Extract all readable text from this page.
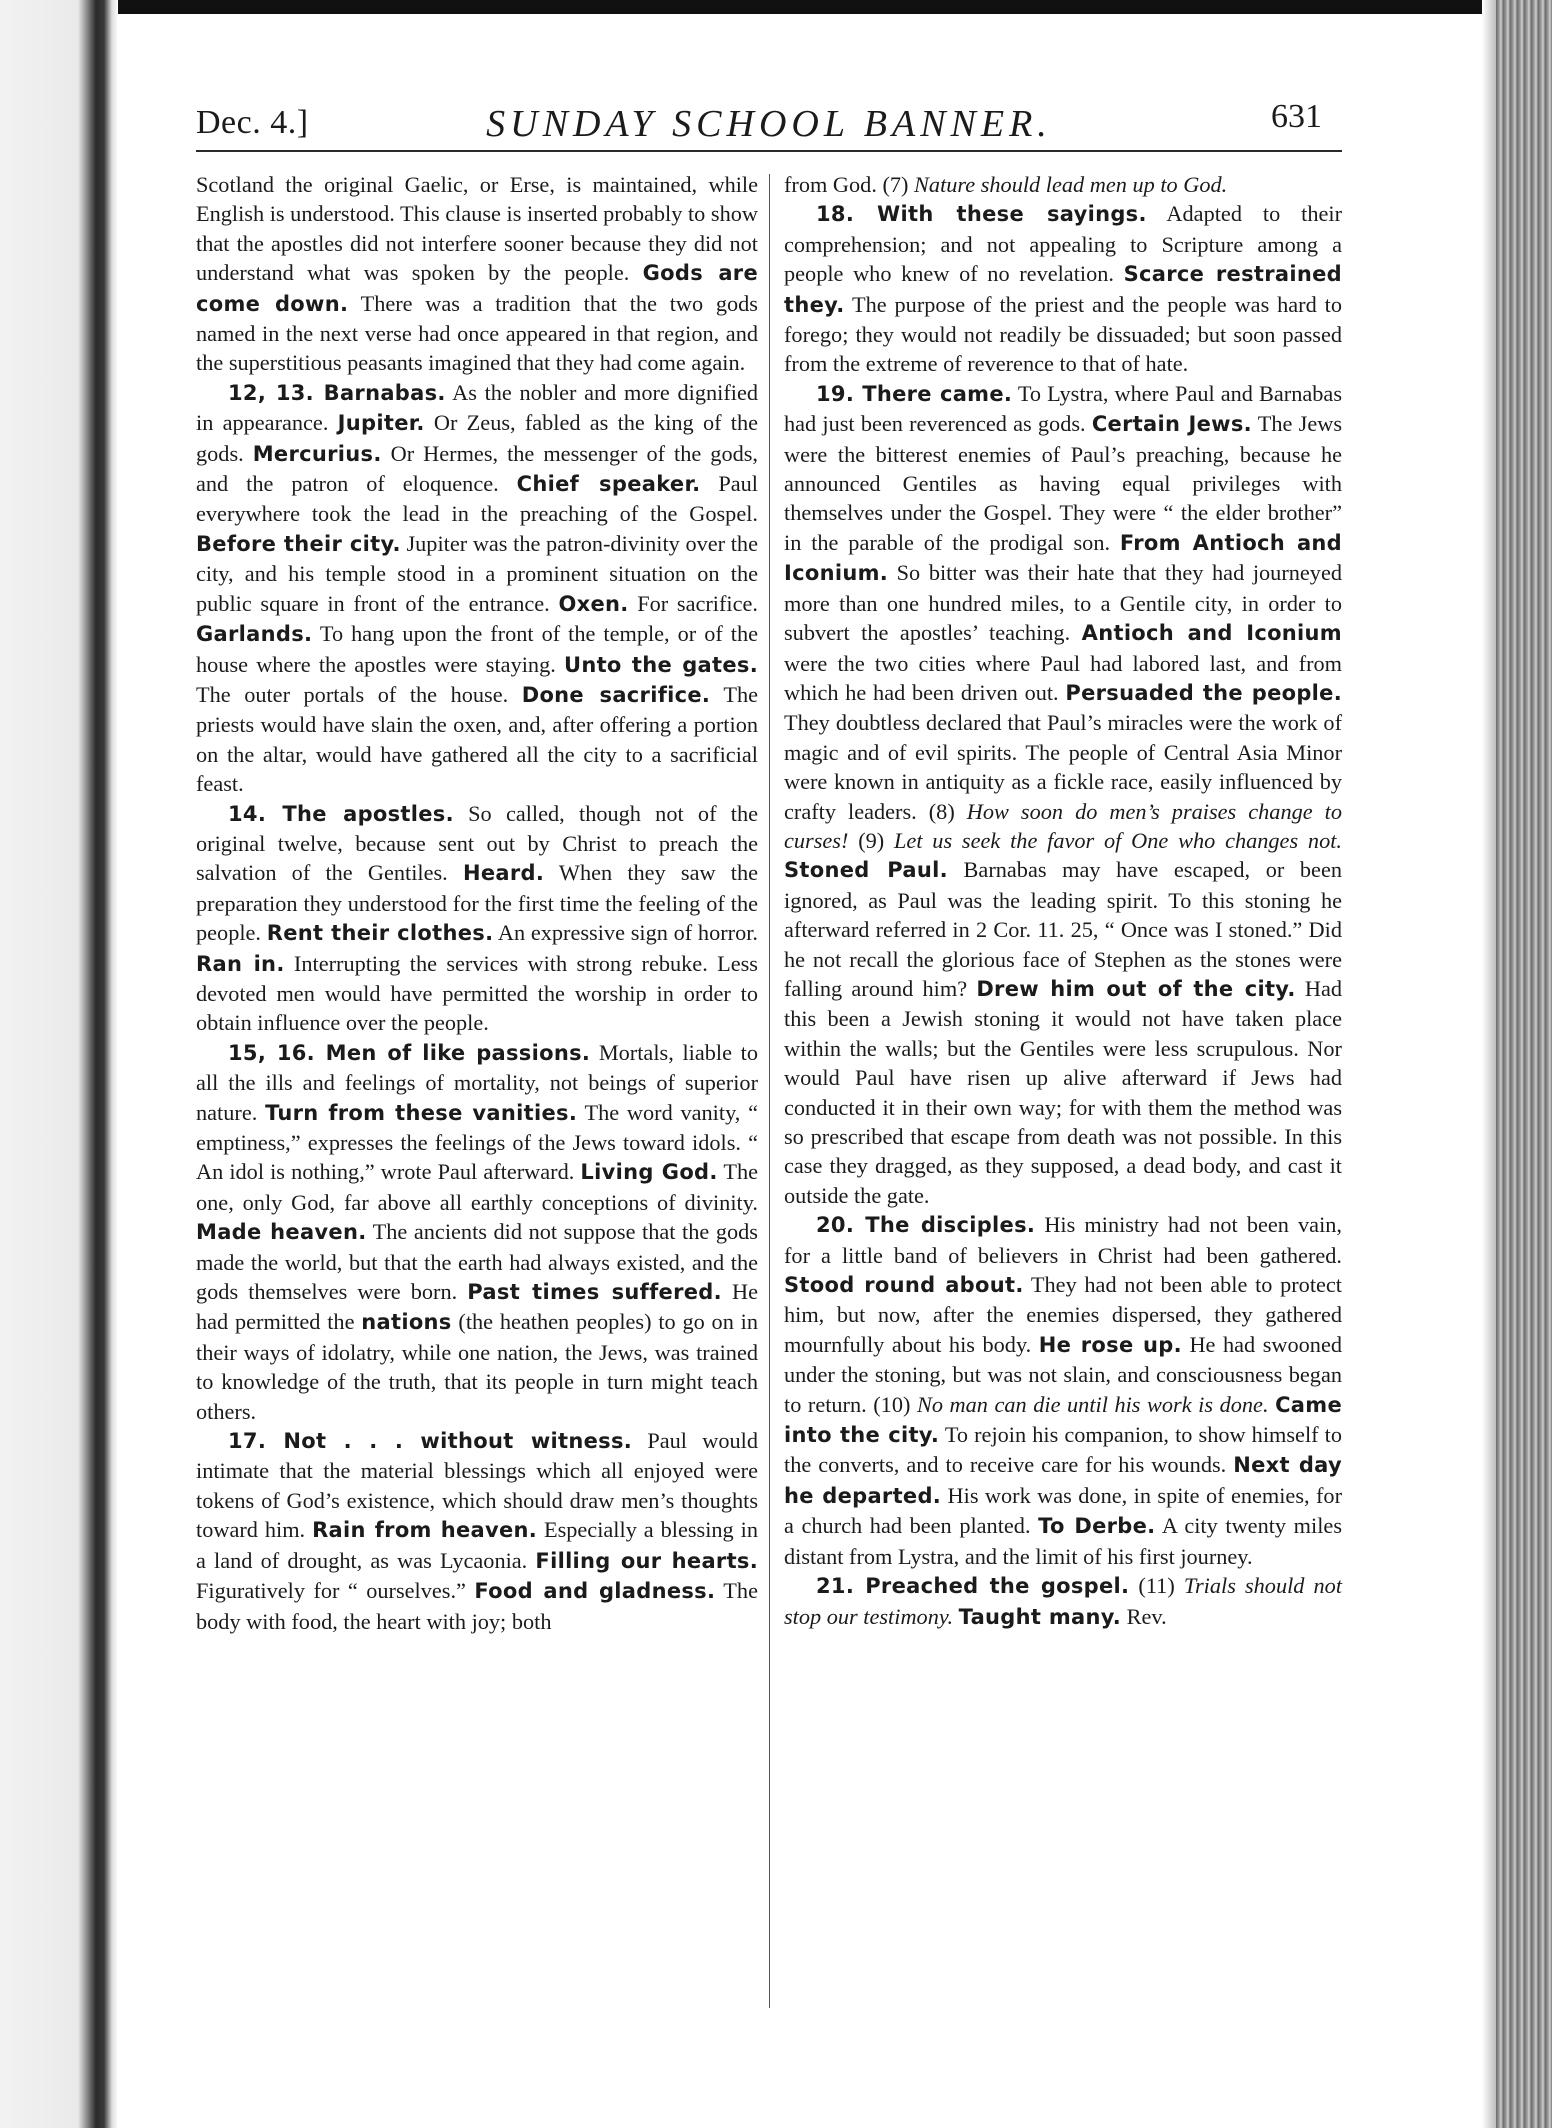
Dec. 4.]	SUNDAY SCHOOL BANNER.	631

Scotland the original Gaelic, or Erse, is maintained, while English is understood. This clause is inserted probably to show that the apostles did not interfere sooner because they did not understand what was spoken by the people. Gods are come down. There was a tradition that the two gods named in the next verse had once appeared in that region, and the superstitious peasants imagined that they had come again.

12, 13. Barnabas. As the nobler and more dignified in appearance. Jupiter. Or Zeus, fabled as the king of the gods. Mercurius. Or Hermes, the messenger of the gods, and the patron of eloquence. Chief speaker. Paul everywhere took the lead in the preaching of the Gospel. Before their city. Jupiter was the patron-divinity over the city, and his temple stood in a prominent situation on the public square in front of the entrance. Oxen. For sacrifice. Garlands. To hang upon the front of the temple, or of the house where the apostles were staying. Unto the gates. The outer portals of the house. Done sacrifice. The priests would have slain the oxen, and, after offering a portion on the altar, would have gathered all the city to a sacrificial feast.

14. The apostles. So called, though not of the original twelve, because sent out by Christ to preach the salvation of the Gentiles. Heard. When they saw the preparation they understood for the first time the feeling of the people. Rent their clothes. An expressive sign of horror. Ran in. Interrupting the services with strong rebuke. Less devoted men would have permitted the worship in order to obtain influence over the people.

15, 16. Men of like passions. Mortals, liable to all the ills and feelings of mortality, not beings of superior nature. Turn from these vanities. The word vanity, “ emptiness,” expresses the feelings of the Jews toward idols. “ An idol is nothing,” wrote Paul afterward. Living God. The one, only God, far above all earthly conceptions of divinity. Made heaven. The ancients did not suppose that the gods made the world, but that the earth had always existed, and the gods themselves were born. Past times suffered. He had permitted the nations (the heathen peoples) to go on in their ways of idolatry, while one nation, the Jews, was trained to knowledge of the truth, that its people in turn might teach others.

17. Not . . . without witness. Paul would intimate that the material blessings which all enjoyed were tokens of God’s existence, which should draw men’s thoughts toward him. Rain from heaven. Especially a blessing in a land of drought, as was Lycaonia. Filling our hearts. Figuratively for “ ourselves.” Food and gladness. The body with food, the heart with joy; both

from God. (7) Nature should lead men up to God.

18. With these sayings. Adapted to their comprehension; and not appealing to Scripture among a people who knew of no revelation. Scarce restrained they. The purpose of the priest and the people was hard to forego; they would not readily be dissuaded; but soon passed from the extreme of reverence to that of hate.

19. There came. To Lystra, where Paul and Barnabas had just been reverenced as gods. Certain Jews. The Jews were the bitterest enemies of Paul’s preaching, because he announced Gentiles as having equal privileges with themselves under the Gospel. They were “ the elder brother” in the parable of the prodigal son. From Antioch and Iconium. So bitter was their hate that they had journeyed more than one hundred miles, to a Gentile city, in order to subvert the apostles’ teaching. Antioch and Iconium were the two cities where Paul had labored last, and from which he had been driven out. Persuaded the people. They doubtless declared that Paul’s miracles were the work of magic and of evil spirits. The people of Central Asia Minor were known in antiquity as a fickle race, easily influenced by crafty leaders. (8) How soon do men’s praises change to curses! (9) Let us seek the favor of One who changes not. Stoned Paul. Barnabas may have escaped, or been ignored, as Paul was the leading spirit. To this stoning he afterward referred in 2 Cor. 11. 25, “ Once was I stoned.” Did he not recall the glorious face of Stephen as the stones were falling around him? Drew him out of the city. Had this been a Jewish stoning it would not have taken place within the walls; but the Gentiles were less scrupulous. Nor would Paul have risen up alive afterward if Jews had conducted it in their own way; for with them the method was so prescribed that escape from death was not possible. In this case they dragged, as they supposed, a dead body, and cast it outside the gate.

20. The disciples. His ministry had not been vain, for a little band of believers in Christ had been gathered. Stood round about. They had not been able to protect him, but now, after the enemies dispersed, they gathered mournfully about his body. He rose up. He had swooned under the stoning, but was not slain, and consciousness began to return. (10) No man can die until his work is done. Came into the city. To rejoin his companion, to show himself to the converts, and to receive care for his wounds. Next day he departed. His work was done, in spite of enemies, for a church had been planted. To Derbe. A city twenty miles distant from Lystra, and the limit of his first journey.

21. Preached the gospel. (11) Trials should not stop our testimony. Taught many. Rev.
